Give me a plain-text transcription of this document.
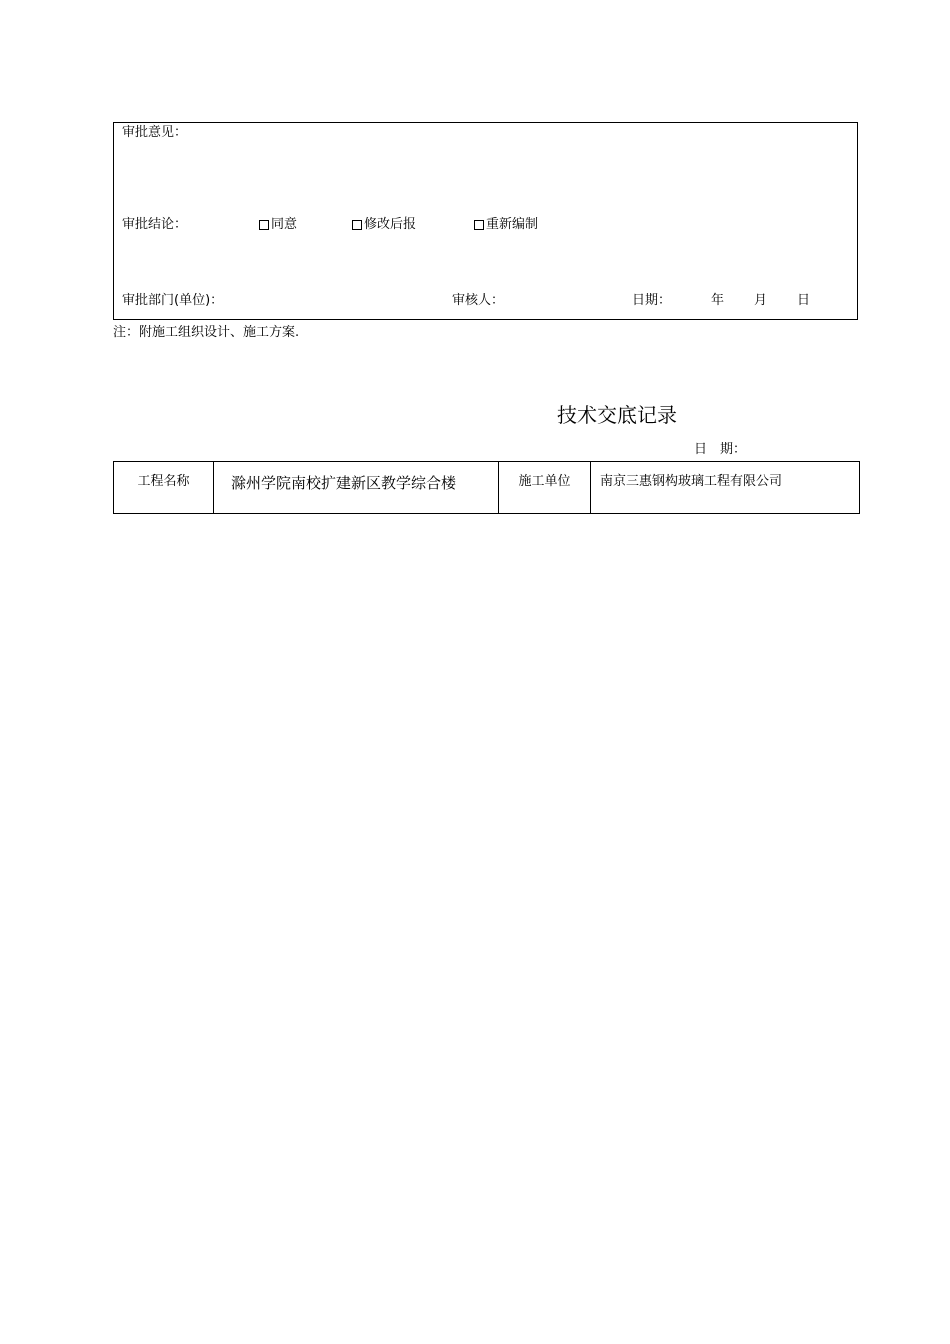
审批意见：
审批结论：	同意	修改后报	重新编制
审批部门(单位)：	审核人：	日期：	年 月 日
注：附施工组织设计、施工方案.
技术交底记录
日　期：
工程名称	滁州学院南校扩建新区教学综合楼	施工单位	南京三惠钢构玻璃工程有限公司
